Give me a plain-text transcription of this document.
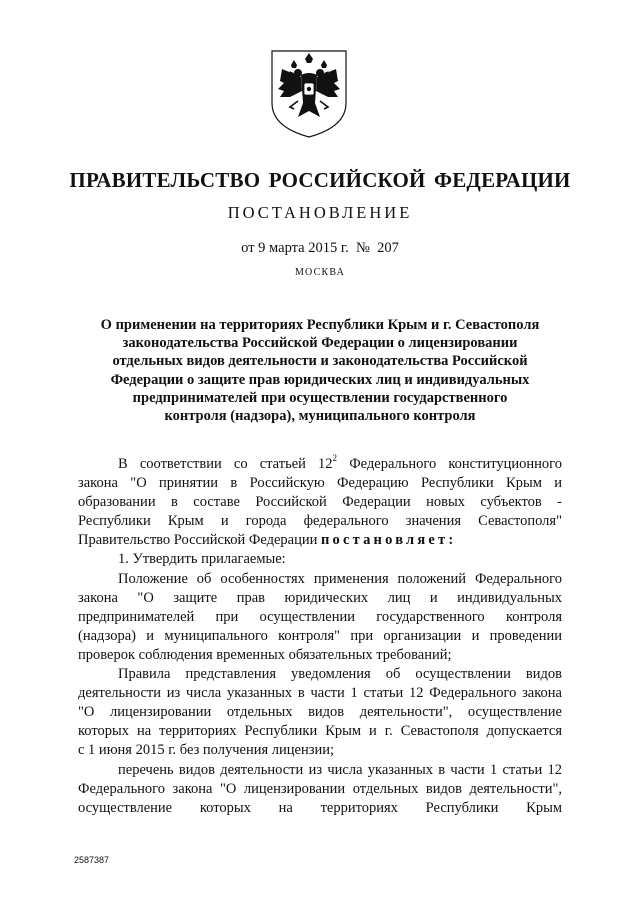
ПРАВИТЕЛЬСТВО РОССИЙСКОЙ ФЕДЕРАЦИИ
ПОСТАНОВЛЕНИЕ
от 9 марта 2015 г.  №  207
МОСКВА
О применении на территориях Республики Крым и г. Севастополя
законодательства Российской Федерации о лицензировании
отдельных видов деятельности и законодательства Российской
Федерации о защите прав юридических лиц и индивидуальных
предпринимателей при осуществлении государственного
контроля (надзора), муниципального контроля
В соответствии со статьей $12^2$ Федерального конституционного
закона "О принятии в Российскую Федерацию Республики Крым и
образовании в составе Российской Федерации новых субъектов -
Республики Крым и города федерального значения Севастополя"
Правительство Российской Федерации постановляет:
1. Утвердить прилагаемые:
Положение об особенностях применения положений Федерального
закона "О защите прав юридических лиц и индивидуальных
предпринимателей при осуществлении государственного контроля
(надзора) и муниципального контроля" при организации и проведении
проверок соблюдения временных обязательных требований;
Правила представления уведомления об осуществлении видов
деятельности из числа указанных в части 1 статьи 12 Федерального закона
"О лицензировании отдельных видов деятельности", осуществление
которых на территориях Республики Крым и г. Севастополя допускается
с 1 июня 2015 г. без получения лицензии;
перечень видов деятельности из числа указанных в части 1 статьи 12
Федерального закона "О лицензировании отдельных видов деятельности",
осуществление которых на территориях Республики Крым
2587387
